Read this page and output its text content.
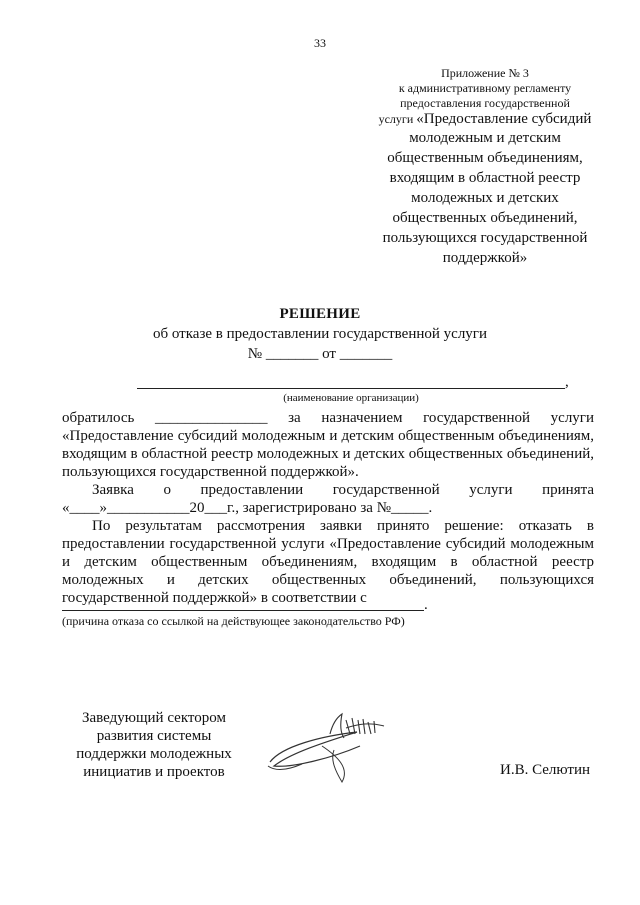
33
Приложение № 3
к административному регламенту
предоставления государственной
услуги «Предоставление субсидий
молодежным и детским
общественным объединениям,
входящим в областной реестр
молодежных и детских
общественных объединений,
пользующихся государственной
поддержкой»
РЕШЕНИЕ
об отказе в предоставлении государственной услуги
№ _______ от _______
,
(наименование организации)
обратилось _______________ за назначением государственной услуги «Предоставление субсидий молодежным и детским общественным объединениям, входящим в областной реестр молодежных и детских общественных объединений, пользующихся государственной поддержкой».
Заявка о предоставлении государственной услуги принята
«____»___________20___г., зарегистрировано за №_____.
По результатам рассмотрения заявки принято решение: отказать в предоставлении государственной услуги «Предоставление субсидий молодежным и детским общественным объединениям, входящим в областной реестр молодежных и детских общественных объединений, пользующихся государственной поддержкой» в соответствии с	.
(причина отказа со ссылкой на действующее законодательство РФ)
Заведующий сектором
развития системы
поддержки молодежных
инициатив и проектов	И.В. Селютин
